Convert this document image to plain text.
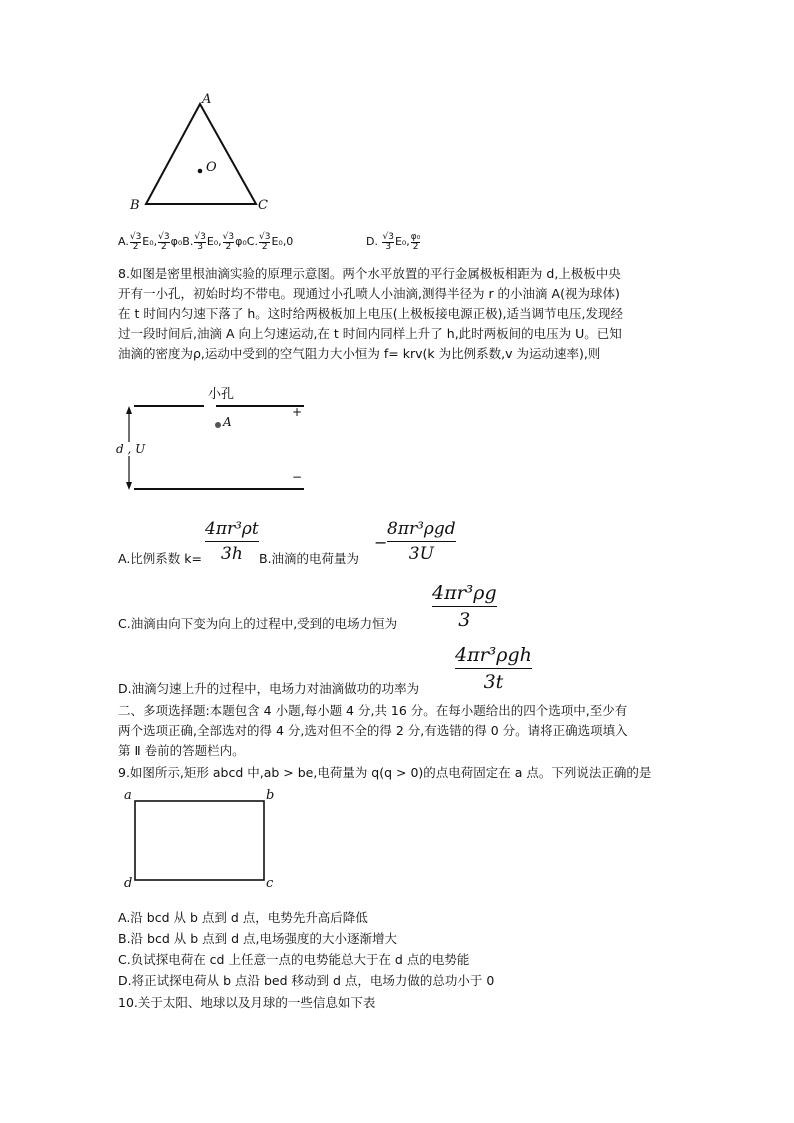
A
B	C
O
A. $\frac{√3}{2} E_0$, $\frac{√3}{2} \varphi_0B$. $\frac{√3}{3} E_0$, $\frac{√3}{2} \varphi_0C$. $\frac{√3}{2} E_0,0$	D. $\frac{√3}{3} E_0$, $\frac{\text{φ₀}}{2}$
8.如图是密里根油滴实验的原理示意图。两个水平放置的平行金属极板相距为 d,上极板中央
开有一小孔，初始时均不带电。现通过小孔喷人小油滴,测得半径为 r 的小油滴 A(视为球体)
在 t 时间内匀速下落了 h。这时给两极板加上电压(上极板接电源正极),适当调节电压,发现经
过一段时间后,油滴 A 向上匀速运动,在 t 时间内同样上升了 h,此时两板间的电压为 U。已知
油滴的密度为ρ,运动中受到的空气阻力大小恒为 f= krv(k 为比例系数,v 为运动速率),则
小孔
+
−
A
d , U
A.比例系数 k=
4πr³ρt
3h B.油滴的电荷量为
−
8πr³ρgd
3U
C.油滴由向下变为向上的过程中,受到的电场力恒为
4πr³ρg
3
D.油滴匀速上升的过程中，电场力对油滴做功的功率为
4πr³ρgh
3t
二、多项选择题:本题包含 4 小题,每小题 4 分,共 16 分。在每小题给出的四个选项中,至少有
两个选项正确,全部选对的得 4 分,选对但不全的得 2 分,有选错的得 0 分。请将正确选项填入
第 Ⅱ 卷前的答题栏内。
9.如图所示,矩形 abcd 中,ab > be,电荷量为 q(q > 0)的点电荷固定在 a 点。下列说法正确的是
a	b
c
d
A.沿 bcd 从 b 点到 d 点，电势先升高后降低
B.沿 bcd 从 b 点到 d 点,电场强度的大小逐渐增大
C.负试探电荷在 cd 上任意一点的电势能总大于在 d 点的电势能
D.将正试探电荷从 b 点沿 bed 移动到 d 点，电场力做的总功小于 0
10.关于太阳、地球以及月球的一些信息如下表
